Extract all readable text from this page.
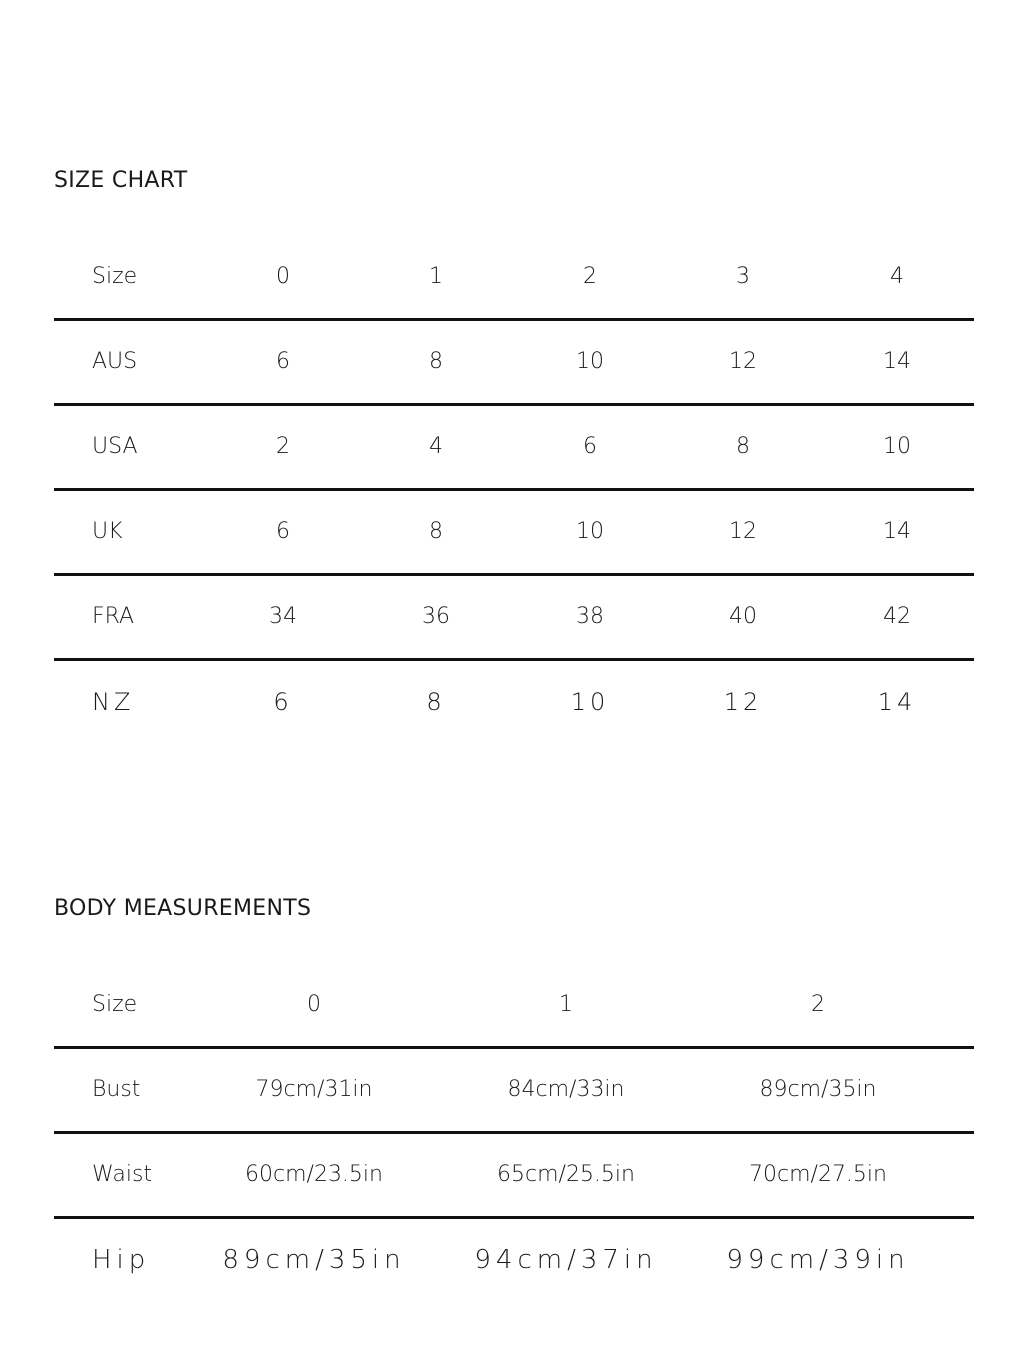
SIZE CHART
Size	0	1	2	3	4
AUS	6	8	10	12	14
USA	2	4	6	8	10
UK	6	8	10	12	14
FRA	34	36	38	40	42
NZ	6	8	10	12	14
BODY MEASUREMENTS
Size	0	1	2
Bust	79cm/31in	84cm/33in	89cm/35in
Waist	60cm/23.5in	65cm/25.5in	70cm/27.5in
Hip	89cm/35in	94cm/37in	99cm/39in
